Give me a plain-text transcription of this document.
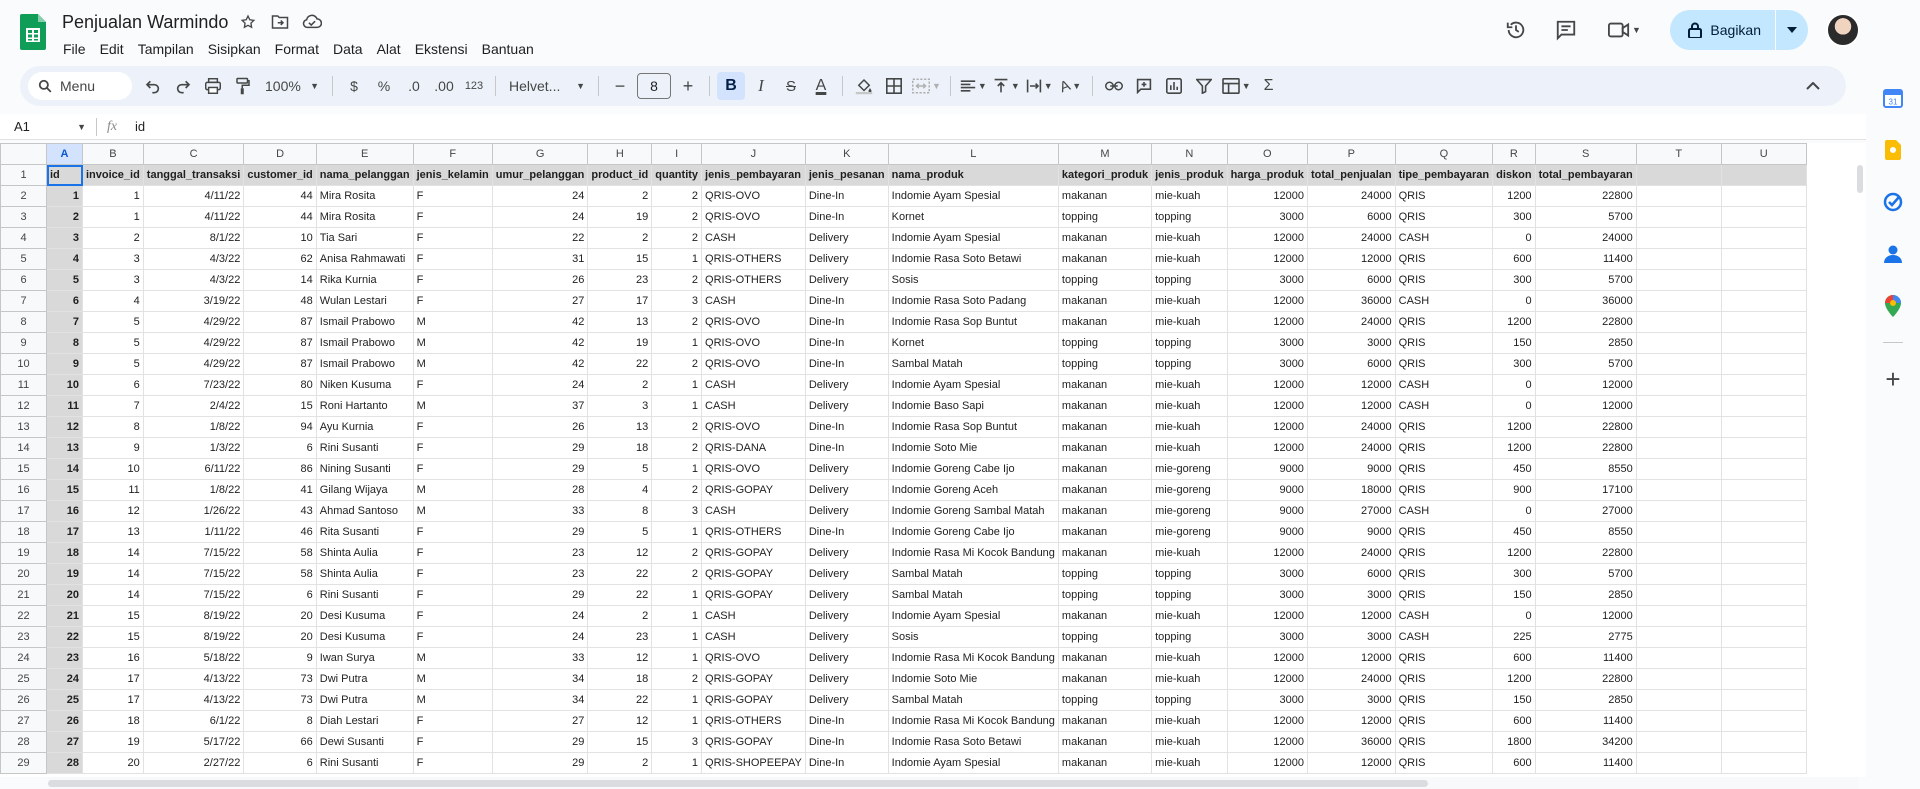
Penjualan Warmindo
File	Edit	Tampilan	Sisipkan	Format	Data	Alat	Ekstensi	Bantuan
▼	Bagikan
Menu	100% ▼	$	%	.0	.00	123	Helvet... ▼	−	8	+	B	I	S	A	▼	▼	▼	▼ A ▼	▼ Σ
A1	▼ fx	id
	A	B	C	D	E	F	G	H	I	J	K	L	M	N	O	P	Q	R	S	T	U
1	id	invoice_id	tanggal_transaksi	customer_id	nama_pelanggan	jenis_kelamin	umur_pelanggan	product_id	quantity	jenis_pembayaran	jenis_pesanan	nama_produk	kategori_produk	jenis_produk	harga_produk	total_penjualan	tipe_pembayaran	diskon	total_pembayaran		
2	1	1	4/11/22	44	Mira Rosita	F	24	2	2	QRIS-OVO	Dine-In	Indomie Ayam Spesial	makanan	mie-kuah	12000	24000	QRIS	1200	22800		
3	2	1	4/11/22	44	Mira Rosita	F	24	19	2	QRIS-OVO	Dine-In	Kornet	topping	topping	3000	6000	QRIS	300	5700		
4	3	2	8/1/22	10	Tia Sari	F	22	2	2	CASH	Delivery	Indomie Ayam Spesial	makanan	mie-kuah	12000	24000	CASH	0	24000		
5	4	3	4/3/22	62	Anisa Rahmawati	F	31	15	1	QRIS-OTHERS	Delivery	Indomie Rasa Soto Betawi	makanan	mie-kuah	12000	12000	QRIS	600	11400		
6	5	3	4/3/22	14	Rika Kurnia	F	26	23	2	QRIS-OTHERS	Delivery	Sosis	topping	topping	3000	6000	QRIS	300	5700		
7	6	4	3/19/22	48	Wulan Lestari	F	27	17	3	CASH	Dine-In	Indomie Rasa Soto Padang	makanan	mie-kuah	12000	36000	CASH	0	36000		
8	7	5	4/29/22	87	Ismail Prabowo	M	42	13	2	QRIS-OVO	Dine-In	Indomie Rasa Sop Buntut	makanan	mie-kuah	12000	24000	QRIS	1200	22800		
9	8	5	4/29/22	87	Ismail Prabowo	M	42	19	1	QRIS-OVO	Dine-In	Kornet	topping	topping	3000	3000	QRIS	150	2850		
10	9	5	4/29/22	87	Ismail Prabowo	M	42	22	2	QRIS-OVO	Dine-In	Sambal Matah	topping	topping	3000	6000	QRIS	300	5700		
11	10	6	7/23/22	80	Niken Kusuma	F	24	2	1	CASH	Delivery	Indomie Ayam Spesial	makanan	mie-kuah	12000	12000	CASH	0	12000		
12	11	7	2/4/22	15	Roni Hartanto	M	37	3	1	CASH	Delivery	Indomie Baso Sapi	makanan	mie-kuah	12000	12000	CASH	0	12000		
13	12	8	1/8/22	94	Ayu Kurnia	F	26	13	2	QRIS-OVO	Dine-In	Indomie Rasa Sop Buntut	makanan	mie-kuah	12000	24000	QRIS	1200	22800		
14	13	9	1/3/22	6	Rini Susanti	F	29	18	2	QRIS-DANA	Dine-In	Indomie Soto Mie	makanan	mie-kuah	12000	24000	QRIS	1200	22800		
15	14	10	6/11/22	86	Nining Susanti	F	29	5	1	QRIS-OVO	Delivery	Indomie Goreng Cabe Ijo	makanan	mie-goreng	9000	9000	QRIS	450	8550		
16	15	11	1/8/22	41	Gilang Wijaya	M	28	4	2	QRIS-GOPAY	Delivery	Indomie Goreng Aceh	makanan	mie-goreng	9000	18000	QRIS	900	17100		
17	16	12	1/26/22	43	Ahmad Santoso	M	33	8	3	CASH	Delivery	Indomie Goreng Sambal Matah	makanan	mie-goreng	9000	27000	CASH	0	27000		
18	17	13	1/11/22	46	Rita Susanti	F	29	5	1	QRIS-OTHERS	Dine-In	Indomie Goreng Cabe Ijo	makanan	mie-goreng	9000	9000	QRIS	450	8550		
19	18	14	7/15/22	58	Shinta Aulia	F	23	12	2	QRIS-GOPAY	Delivery	Indomie Rasa Mi Kocok Bandung	makanan	mie-kuah	12000	24000	QRIS	1200	22800		
20	19	14	7/15/22	58	Shinta Aulia	F	23	22	2	QRIS-GOPAY	Delivery	Sambal Matah	topping	topping	3000	6000	QRIS	300	5700		
21	20	14	7/15/22	6	Rini Susanti	F	29	22	1	QRIS-GOPAY	Delivery	Sambal Matah	topping	topping	3000	3000	QRIS	150	2850		
22	21	15	8/19/22	20	Desi Kusuma	F	24	2	1	CASH	Delivery	Indomie Ayam Spesial	makanan	mie-kuah	12000	12000	CASH	0	12000		
23	22	15	8/19/22	20	Desi Kusuma	F	24	23	1	CASH	Delivery	Sosis	topping	topping	3000	3000	CASH	225	2775		
24	23	16	5/18/22	9	Iwan Surya	M	33	12	1	QRIS-OVO	Delivery	Indomie Rasa Mi Kocok Bandung	makanan	mie-kuah	12000	12000	QRIS	600	11400		
25	24	17	4/13/22	73	Dwi Putra	M	34	18	2	QRIS-GOPAY	Delivery	Indomie Soto Mie	makanan	mie-kuah	12000	24000	QRIS	1200	22800		
26	25	17	4/13/22	73	Dwi Putra	M	34	22	1	QRIS-GOPAY	Delivery	Sambal Matah	topping	topping	3000	3000	QRIS	150	2850		
27	26	18	6/1/22	8	Diah Lestari	F	27	12	1	QRIS-OTHERS	Dine-In	Indomie Rasa Mi Kocok Bandung	makanan	mie-kuah	12000	12000	QRIS	600	11400		
28	27	19	5/17/22	66	Dewi Susanti	F	29	15	3	QRIS-GOPAY	Dine-In	Indomie Rasa Soto Betawi	makanan	mie-kuah	12000	36000	QRIS	1800	34200		
29	28	20	2/27/22	6	Rini Susanti	F	29	2	1	QRIS-SHOPEEPAY	Dine-In	Indomie Ayam Spesial	makanan	mie-kuah	12000	12000	QRIS	600	11400		
31
+
